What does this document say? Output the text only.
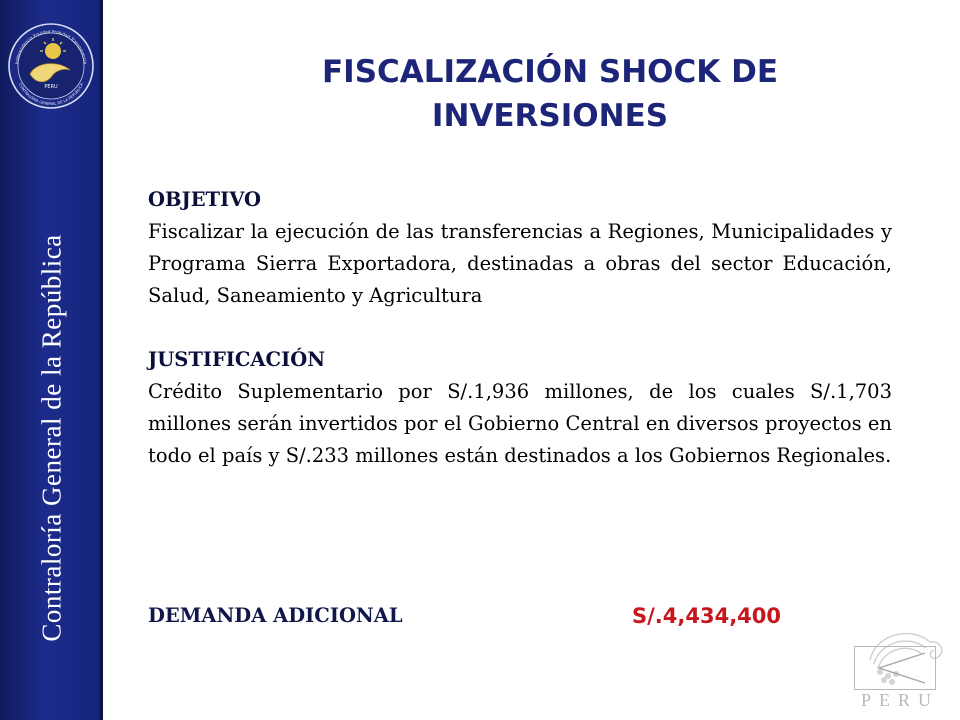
Independencia Equidad Probidad Transparencia
CONTRALORIA GENERAL DE LA REPUBLICA
PERU
Contraloría General de la República
FISCALIZACIÓN SHOCK DE
INVERSIONES
OBJETIVO
Fiscalizar la ejecución de las transferencias a Regiones, Municipalidades y Programa Sierra Exportadora, destinadas a obras del sector Educación, Salud, Saneamiento y Agricultura
JUSTIFICACIÓN
Crédito Suplementario por S/.1,936 millones, de los cuales S/.1,703 millones serán invertidos por el Gobierno Central en diversos proyectos en todo el país y S/.233 millones están destinados a los Gobiernos Regionales.
DEMANDA ADICIONAL	S/.4,434,400
PERU
